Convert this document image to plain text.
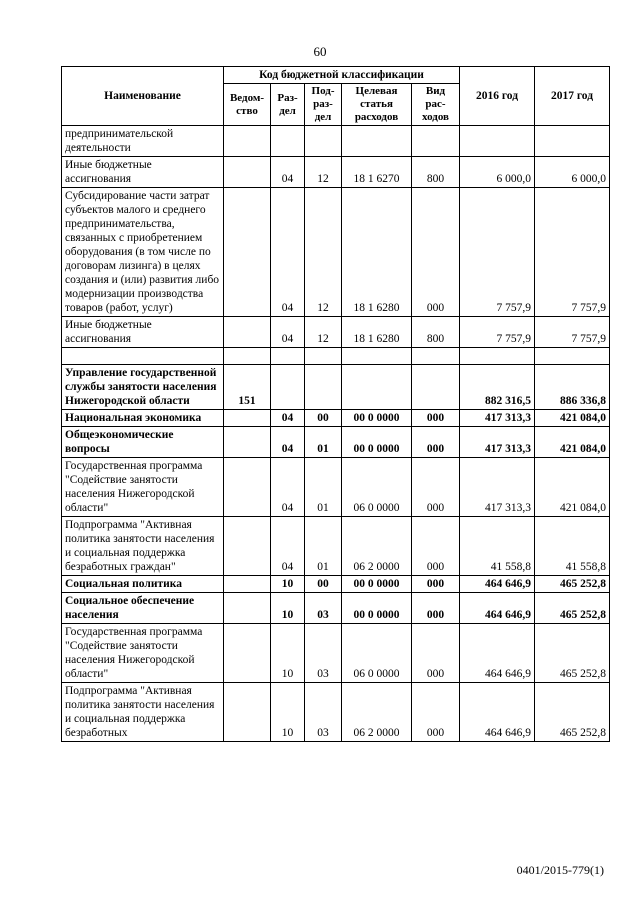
60
Наименование	Код бюджетной классификации					2016 год	2017 год
	Ведом-ство	Раз-дел	Под-раз-дел	Целевая статья расходов	Вид рас-ходов		
предпринимательской деятельности							
Иные бюджетные ассигнования		04	12	18 1 6270	800	6 000,0	6 000,0
Субсидирование части затрат субъектов малого и среднего предпринимательства, связанных с приобретением оборудования (в том числе по договорам лизинга) в целях создания и (или) развития либо модернизации производства товаров (работ, услуг)		04	12	18 1 6280	000	7 757,9	7 757,9
Иные бюджетные ассигнования		04	12	18 1 6280	800	7 757,9	7 757,9

Управление государственной службы занятости населения Нижегородской области	151					882 316,5	886 336,8
Национальная экономика		04	00	00 0 0000	000	417 313,3	421 084,0
Общеэкономические вопросы		04	01	00 0 0000	000	417 313,3	421 084,0
Государственная программа "Содействие занятости населения Нижегородской области"		04	01	06 0 0000	000	417 313,3	421 084,0
Подпрограмма "Активная политика занятости населения и социальная поддержка безработных граждан"		04	01	06 2 0000	000	41 558,8	41 558,8
Социальная политика		10	00	00 0 0000	000	464 646,9	465 252,8
Социальное обеспечение населения		10	03	00 0 0000	000	464 646,9	465 252,8
Государственная программа "Содействие занятости населения Нижегородской области"		10	03	06 0 0000	000	464 646,9	465 252,8
Подпрограмма "Активная политика занятости населения и социальная поддержка безработных		10	03	06 2 0000	000	464 646,9	465 252,8
0401/2015-779(1)
